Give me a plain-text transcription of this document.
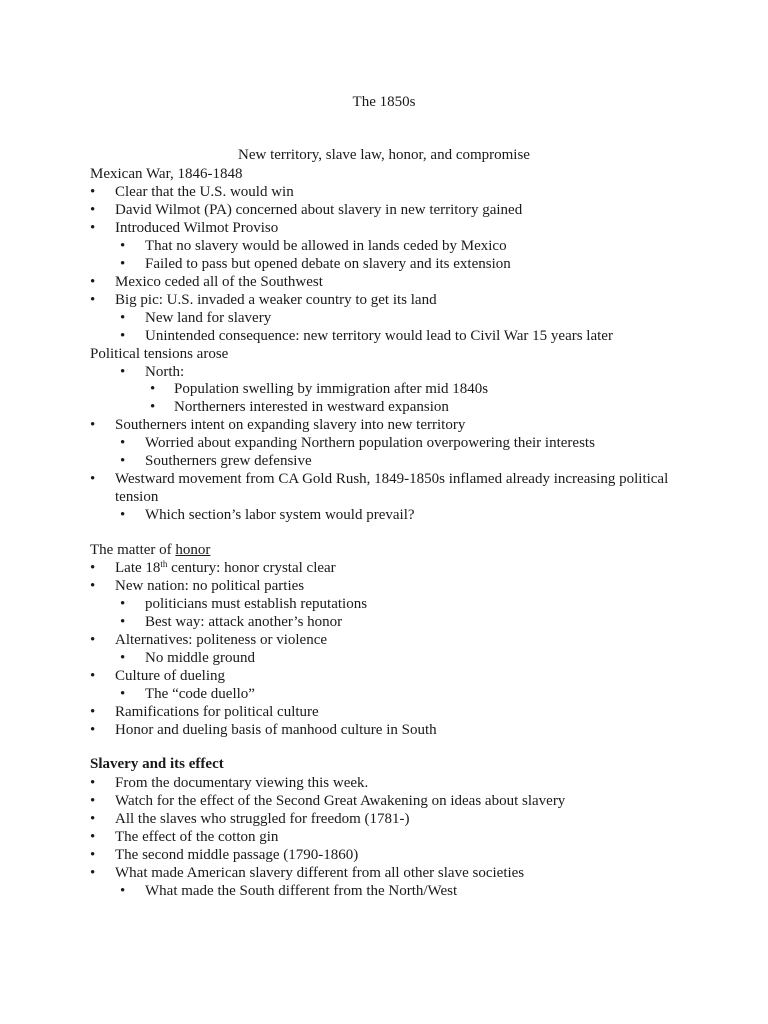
The 1850s
New territory, slave law, honor, and compromise
Mexican War, 1846-1848
• Clear that the U.S. would win
• David Wilmot (PA) concerned about slavery in new territory gained
• Introduced Wilmot Proviso
• That no slavery would be allowed in lands ceded by Mexico
• Failed to pass but opened debate on slavery and its extension
• Mexico ceded all of the Southwest
• Big pic: U.S. invaded a weaker country to get its land
• New land for slavery
• Unintended consequence: new territory would lead to Civil War 15 years later
Political tensions arose
• North:
• Population swelling by immigration after mid 1840s
• Northerners interested in westward expansion
• Southerners intent on expanding slavery into new territory
• Worried about expanding Northern population overpowering their interests
• Southerners grew defensive
• Westward movement from CA Gold Rush, 1849-1850s inflamed already increasing political
tension
• Which section’s labor system would prevail?
The matter of honor
• Late 18th century: honor crystal clear
• New nation: no political parties
• politicians must establish reputations
• Best way: attack another’s honor
• Alternatives: politeness or violence
• No middle ground
• Culture of dueling
• The “code duello”
• Ramifications for political culture
• Honor and dueling basis of manhood culture in South
Slavery and its effect
• From the documentary viewing this week.
• Watch for the effect of the Second Great Awakening on ideas about slavery
• All the slaves who struggled for freedom (1781-)
• The effect of the cotton gin
• The second middle passage (1790-1860)
• What made American slavery different from all other slave societies
• What made the South different from the North/West
